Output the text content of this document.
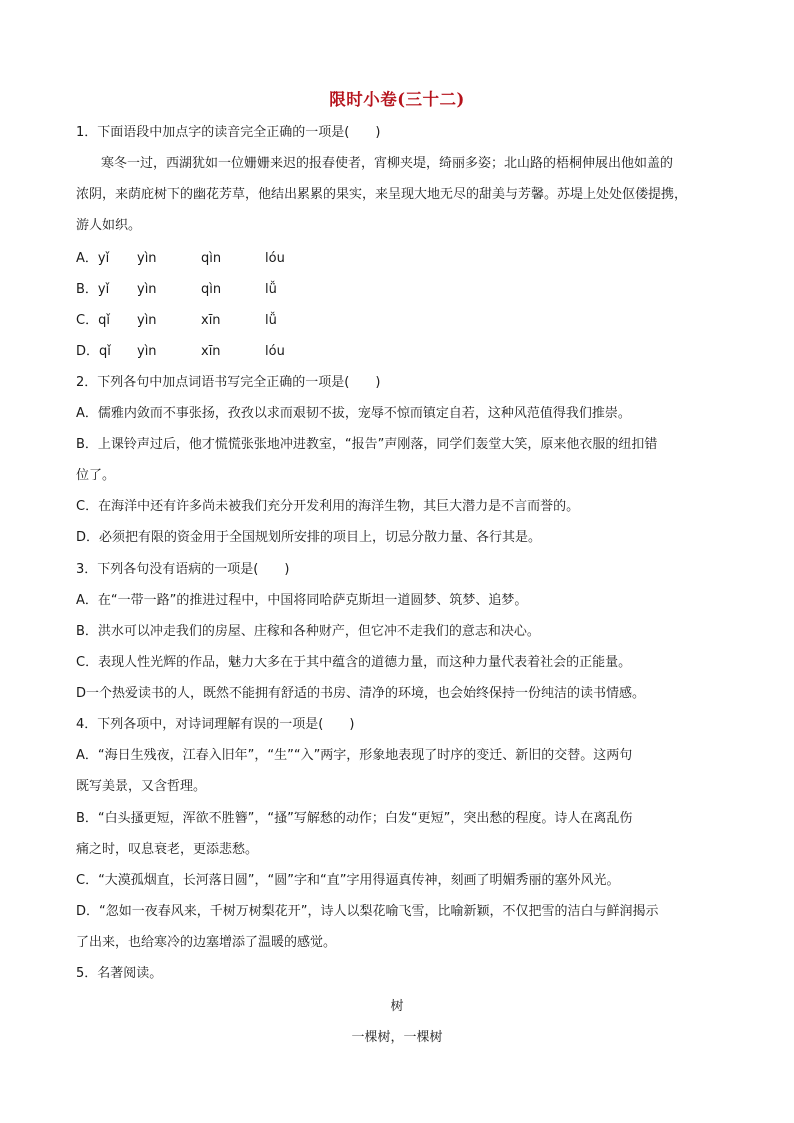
限时小卷(三十二)
1．下面语段中加点字的读音完全正确的一项是(　　)
寒冬一过，西湖犹如一位姗姗来迟的报春使者，宵柳夹堤，绮丽多姿；北山路的梧桐伸展出他如盖的
浓阴，来荫庇树下的幽花芳草，他结出累累的果实，来呈现大地无尽的甜美与芳馨。苏堤上处处伛偻提携，
游人如织。
A．yǐ yìn	qìn	lóu
B．yǐ yìn	qìn	lǚ
C．qǐ yìn	xīn	lǚ
D．qǐ yìn	xīn	lóu
2．下列各句中加点词语书写完全正确的一项是(　　)
A．儒雅内敛而不事张扬，孜孜以求而艰韧不拔，宠辱不惊而镇定自若，这种风范值得我们推崇。
B．上课铃声过后，他才慌慌张张地冲进教室，“报告”声刚落，同学们轰堂大笑，原来他衣服的纽扣错
位了。
C．在海洋中还有许多尚未被我们充分开发利用的海洋生物，其巨大潜力是不言而誉的。
D．必须把有限的资金用于全国规划所安排的项目上，切忌分散力量、各行其是。
3．下列各句没有语病的一项是(　　)
A．在“一带一路”的推进过程中，中国将同哈萨克斯坦一道圆梦、筑梦、追梦。
B．洪水可以冲走我们的房屋、庄稼和各种财产，但它冲不走我们的意志和决心。
C．表现人性光辉的作品，魅力大多在于其中蕴含的道德力量，而这种力量代表着社会的正能量。
D一个热爱读书的人，既然不能拥有舒适的书房、清净的环境，也会始终保持一份纯洁的读书情感。
4．下列各项中，对诗词理解有误的一项是(　　)
A．“海日生残夜，江春入旧年”，“生”“入”两字，形象地表现了时序的变迁、新旧的交替。这两句
既写美景，又含哲理。
B．“白头搔更短，浑欲不胜簪”，“搔”写解愁的动作；白发“更短”，突出愁的程度。诗人在离乱伤
痛之时，叹息衰老，更添悲愁。
C．“大漠孤烟直，长河落日圆”，“圆”字和“直”字用得逼真传神，刻画了明媚秀丽的塞外风光。
D．“忽如一夜春风来，千树万树梨花开”，诗人以梨花喻飞雪，比喻新颖，不仅把雪的洁白与鲜润揭示
了出来，也给寒冷的边塞增添了温暖的感觉。
5．名著阅读。
树
一棵树，一棵树
